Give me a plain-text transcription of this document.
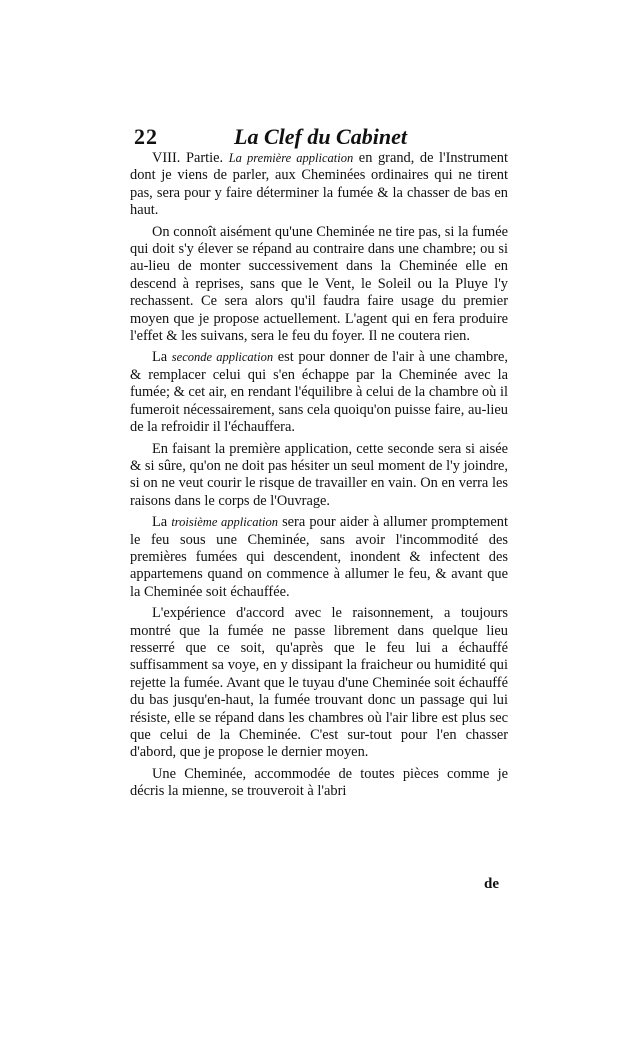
22	La Clef du Cabinet

VIII. Partie. La première application en grand, de l'Instrument dont je viens de parler, aux Cheminées ordinaires qui ne tirent pas, sera pour y faire déterminer la fumée & la chasser de bas en haut.

On connoît aisément qu'une Cheminée ne tire pas, si la fumée qui doit s'y élever se répand au contraire dans une chambre; ou si au-lieu de monter successivement dans la Cheminée elle en descend à reprises, sans que le Vent, le Soleil ou la Pluye l'y rechassent. Ce sera alors qu'il faudra faire usage du premier moyen que je propose actuellement. L'agent qui en fera produire l'effet & les suivans, sera le feu du foyer. Il ne coutera rien.

La seconde application est pour donner de l'air à une chambre, & remplacer celui qui s'en échappe par la Cheminée avec la fumée; & cet air, en rendant l'équilibre à celui de la chambre où il fumeroit nécessairement, sans cela quoiqu'on puisse faire, au-lieu de la refroidir il l'échauffera.

En faisant la première application, cette seconde sera si aisée & si sûre, qu'on ne doit pas hésiter un seul moment de l'y joindre, si on ne veut courir le risque de travailler en vain. On en verra les raisons dans le corps de l'Ouvrage.

La troisième application sera pour aider à allumer promptement le feu sous une Cheminée, sans avoir l'incommodité des premières fumées qui descendent, inondent & infectent des appartemens quand on commence à allumer le feu, & avant que la Cheminée soit échauffée.

L'expérience d'accord avec le raisonnement, a toujours montré que la fumée ne passe librement dans quelque lieu resserré que ce soit, qu'après que le feu lui a échauffé suffisamment sa voye, en y dissipant la fraicheur ou humidité qui rejette la fumée. Avant que le tuyau d'une Cheminée soit échauffé du bas jusqu'en-haut, la fumée trouvant donc un passage qui lui résiste, elle se répand dans les chambres où l'air libre est plus sec que celui de la Cheminée. C'est sur-tout pour l'en chasser d'abord, que je propose le dernier moyen.

Une Cheminée, accommodée de toutes pièces comme je décris la mienne, se trouveroit à l'abri

de
